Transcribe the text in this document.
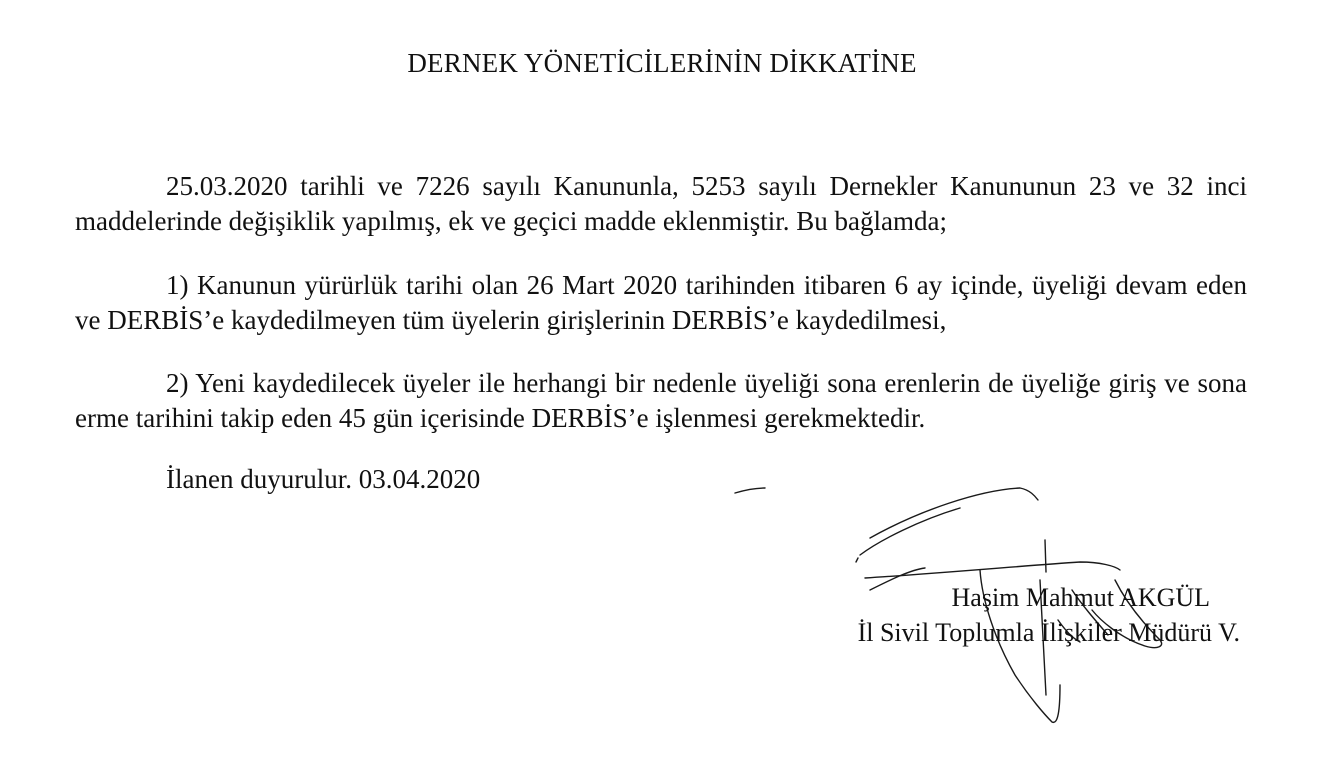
DERNEK YÖNETİCİLERİNİN DİKKATİNE

25.03.2020 tarihli ve 7226 sayılı Kanununla, 5253 sayılı Dernekler Kanununun 23 ve 32 inci maddelerinde değişiklik yapılmış, ek ve geçici madde eklenmiştir. Bu bağlamda;

1) Kanunun yürürlük tarihi olan 26 Mart 2020 tarihinden itibaren 6 ay içinde, üyeliği devam eden ve DERBİS’e kaydedilmeyen tüm üyelerin girişlerinin DERBİS’e kaydedilmesi,

2) Yeni kaydedilecek üyeler ile herhangi bir nedenle üyeliği sona erenlerin de üyeliğe giriş ve sona erme tarihini takip eden 45 gün içerisinde DERBİS’e işlenmesi gerekmektedir.

İlanen duyurulur. 03.04.2020

Haşim Mahmut AKGÜL
İl Sivil Toplumla İlişkiler Müdürü V.
